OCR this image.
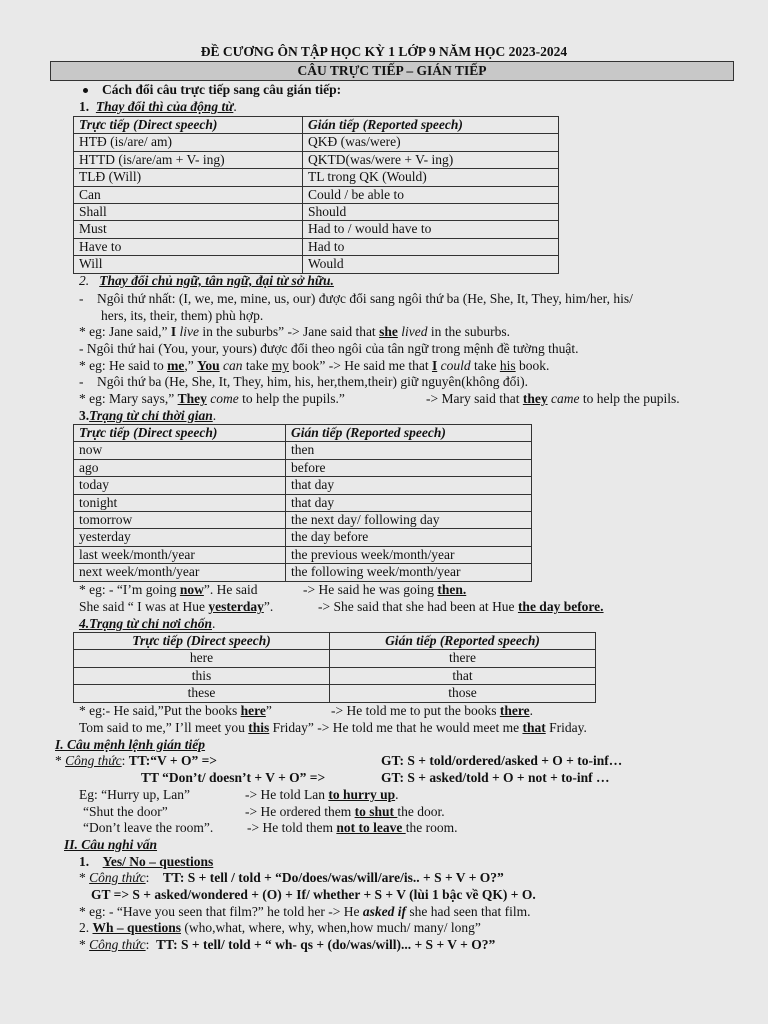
ĐỀ CƯƠNG ÔN TẬP HỌC KỲ 1 LỚP 9 NĂM HỌC 2023-2024
CÂU TRỰC TIẾP – GIÁN TIẾP
Cách đổi câu trực tiếp sang câu gián tiếp:
1. Thay đổi thì của động từ.
Trực tiếp (Direct speech)	Gián tiếp (Reported speech)
HTĐ (is/are/ am)	QKĐ (was/were)
HTTD (is/are/am + V- ing)	QKTD(was/were + V- ing)
TLĐ (Will)	TL trong QK (Would)
Can	Could / be able to
Shall	Should
Must	Had to / would have to
Have to	Had to
Will	Would
2. Thay đổi chủ ngữ, tân ngữ, đại từ sở hữu.
-    Ngôi thứ nhất: (I, we, me, mine, us, our) được đổi sang ngôi thứ ba (He, She, It, They, him/her, his/
hers, its, their, them) phù hợp.
* eg: Jane said,” I live in the suburbs” -> Jane said that she lived in the suburbs.
- Ngôi thứ hai (You, your, yours) được đổi theo ngôi của tân ngữ trong mệnh đề tường thuật.
* eg: He said to me,” You can take my book” -> He said me that I could take his book.
-    Ngôi thứ ba (He, She, It, They, him, his, her,them,their) giữ nguyên(không đổi).
* eg: Mary says,” They come to help the pupils.”	-> Mary said that they came to help the pupils.
3.Trạng từ chỉ thời gian.
Trực tiếp (Direct speech)	Gián tiếp (Reported speech)
now	then
ago	before
today	that day
tonight	that day
tomorrow	the next day/ following day
yesterday	the day before
last week/month/year	the previous week/month/year
next week/month/year	the following week/month/year
* eg: - “I’m going now”. He said	-> He said he was going then.
She said “ I was at Hue yesterday”.	-> She said that she had been at Hue the day before.
4.Trạng từ chỉ nơi chốn.
Trực tiếp (Direct speech)	Gián tiếp (Reported speech)
here	there
this	that
these	those
* eg:- He said,”Put the books here”	-> He told me to put the books there.
Tom said to me,” I’ll meet you this Friday” -> He told me that he would meet me that Friday.
I. Câu mệnh lệnh gián tiếp
* Công thức: TT:“V + O” =>	GT: S + told/ordered/asked + O + to-inf…
TT “Don’t/ doesn’t + V + O” =>	GT: S + asked/told + O + not + to-inf …
Eg: “Hurry up, Lan”	-> He told Lan to hurry up.
“Shut the door”	-> He ordered them to shut the door.
“Don’t leave the room”.	-> He told them not to leave the room.
II. Câu nghi vấn
1. Yes/ No – questions
* Công thức: TT: S + tell / told + “Do/does/was/will/are/is.. + S + V + O?”
GT => S + asked/wondered + (O) + If/ whether + S + V (lùi 1 bậc về QK) + O.
* eg: - “Have you seen that film?” he told her -> He asked if she had seen that film.
2. Wh – questions (who,what, where, why, when,how much/ many/ long”
* Công thức: TT: S + tell/ told + “ wh- qs + (do/was/will)... + S + V + O?”
